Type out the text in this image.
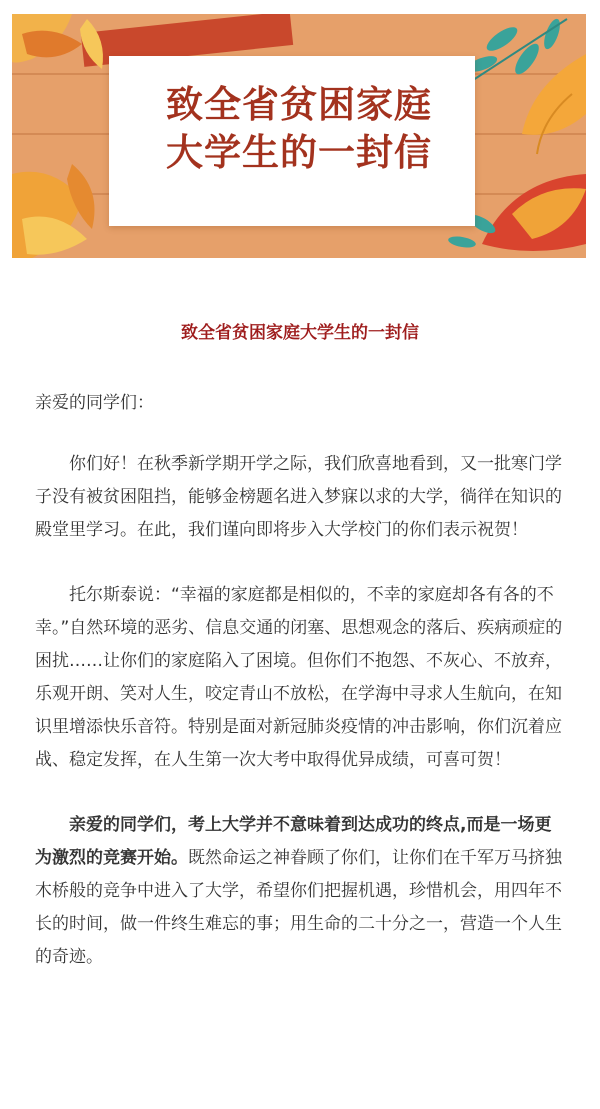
致全省贫困家庭
大学生的一封信
致全省贫困家庭大学生的一封信

亲爱的同学们：

你们好！在秋季新学期开学之际，我们欣喜地看到，又一批寒门学子没有被贫困阻挡，能够金榜题名进入梦寐以求的大学，徜徉在知识的殿堂里学习。在此，我们谨向即将步入大学校门的你们表示祝贺！

托尔斯泰说：“幸福的家庭都是相似的，不幸的家庭却各有各的不幸。”自然环境的恶劣、信息交通的闭塞、思想观念的落后、疾病顽症的困扰……让你们的家庭陷入了困境。但你们不抱怨、不灰心、不放弃，乐观开朗、笑对人生，咬定青山不放松，在学海中寻求人生航向，在知识里增添快乐音符。特别是面对新冠肺炎疫情的冲击影响，你们沉着应战、稳定发挥，在人生第一次大考中取得优异成绩，可喜可贺！

亲爱的同学们，考上大学并不意味着到达成功的终点,而是一场更为激烈的竞赛开始。既然命运之神眷顾了你们，让你们在千军万马挤独木桥般的竞争中进入了大学，希望你们把握机遇，珍惜机会，用四年不长的时间，做一件终生难忘的事；用生命的二十分之一，营造一个人生的奇迹。
